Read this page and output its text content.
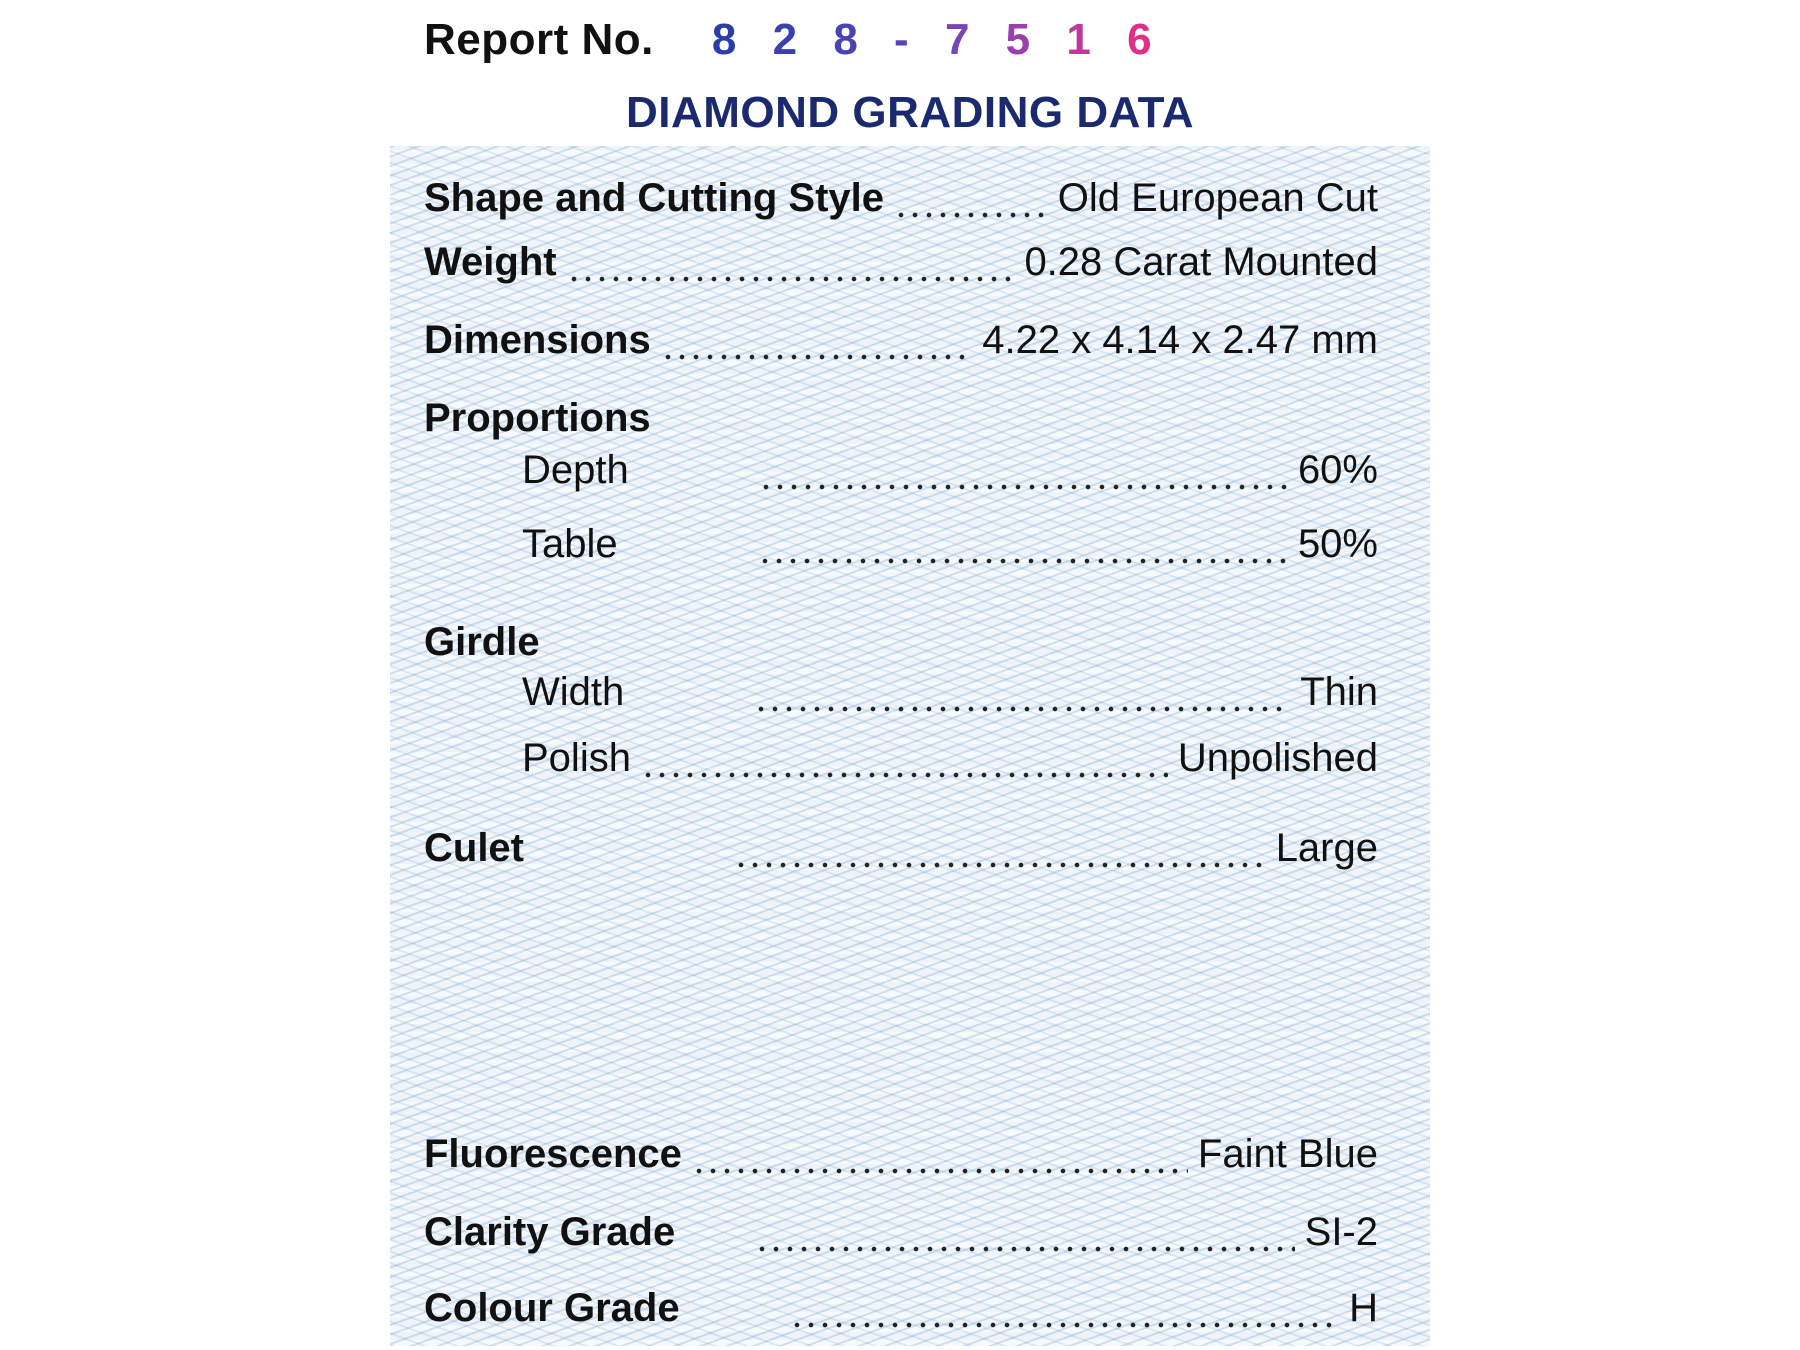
Report No. 8 2 8 - 7 5 1 6
DIAMOND GRADING DATA
Shape and Cutting Style	Old European Cut
Weight	0.28 Carat Mounted
Dimensions	4.22 x 4.14 x 2.47 mm
Proportions
Depth	60%
Table	50%
Girdle
Width	Thin
Polish	Unpolished
Culet	Large
Fluorescence	Faint Blue
Clarity Grade	SI-2
Colour Grade	H
